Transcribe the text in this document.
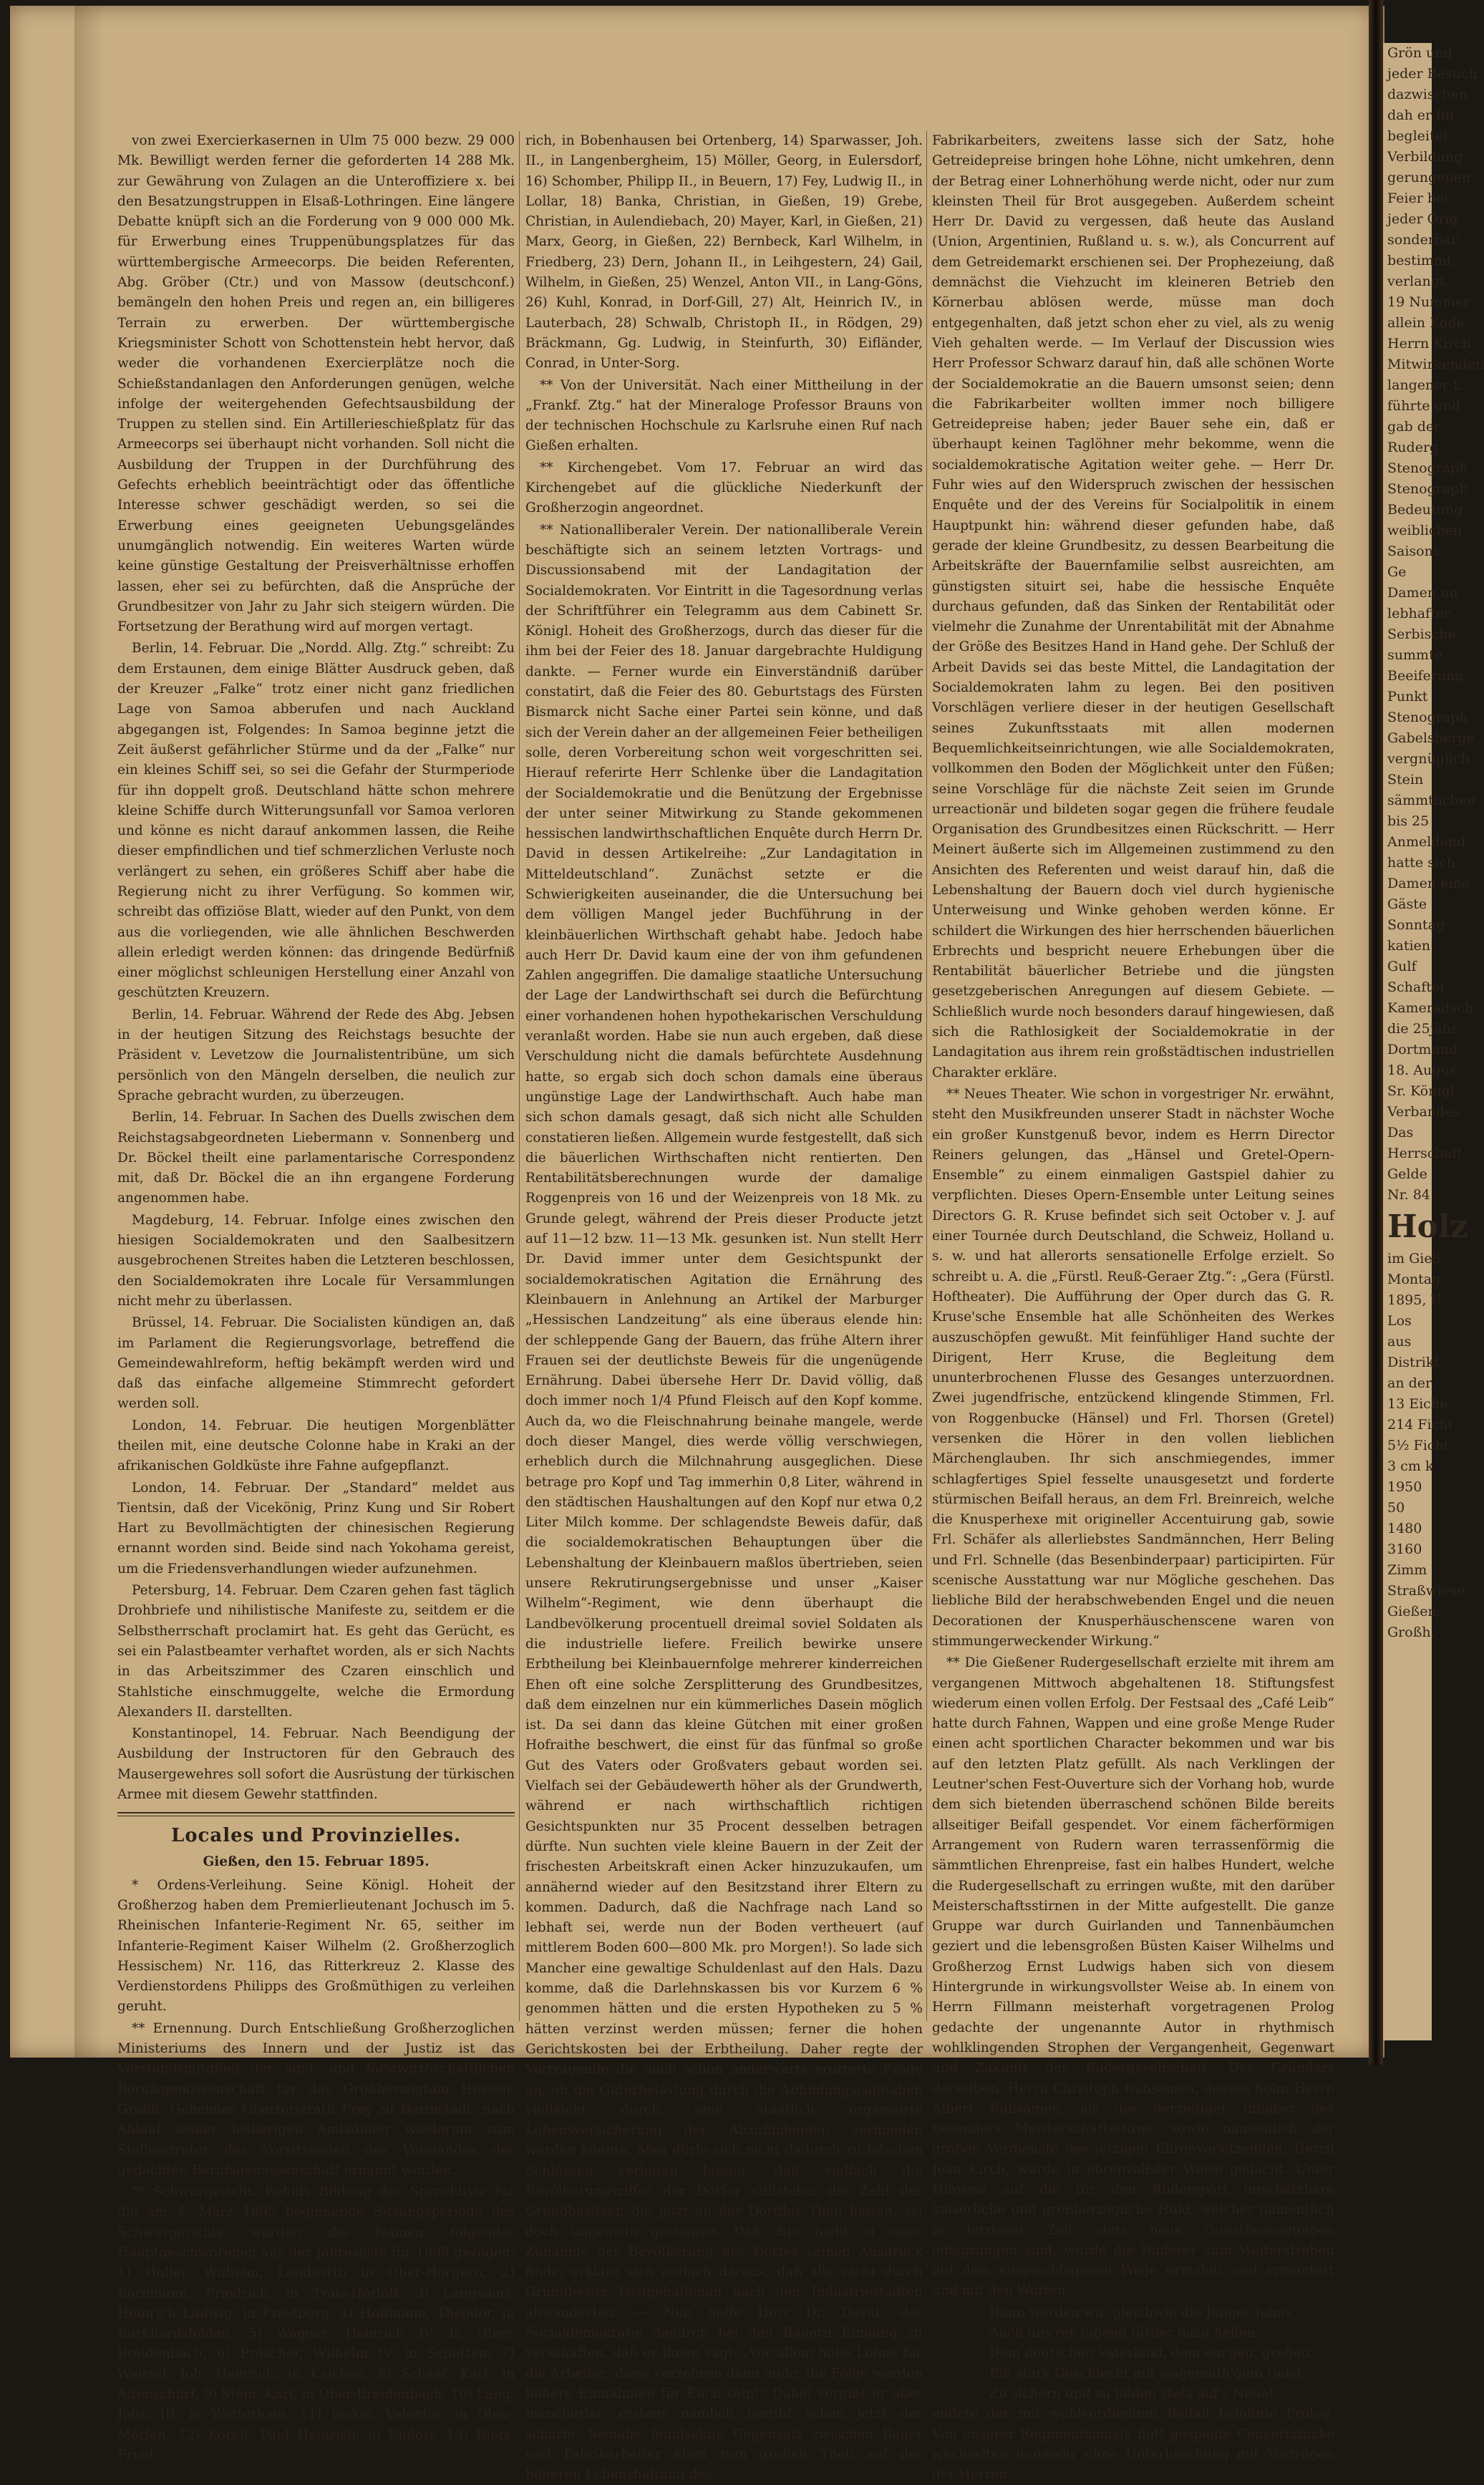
von zwei Exercierkasernen in Ulm 75 000 bezw. 29 000 Mk. Bewilligt werden ferner die geforderten 14 288 Mk. zur Gewährung von Zulagen an die Unteroffiziere x. bei den Besatzungstruppen in Elsaß-Lothringen. Eine längere Debatte knüpft sich an die Forderung von 9 000 000 Mk. für Erwerbung eines Truppenübungsplatzes für das württembergische Armeecorps. Die beiden Referenten, Abg. Gröber (Ctr.) und von Massow (deutschconf.) bemängeln den hohen Preis und regen an, ein billigeres Terrain zu erwerben. Der württembergische Kriegsminister Schott von Schottenstein hebt hervor, daß weder die vorhandenen Exercierplätze noch die Schießstandanlagen den Anforderungen genügen, welche infolge der weitergehenden Gefechtsausbildung der Truppen zu stellen sind. Ein Artillerieschießplatz für das Armeecorps sei überhaupt nicht vorhanden. Soll nicht die Ausbildung der Truppen in der Durchführung des Gefechts erheblich beeinträchtigt oder das öffentliche Interesse schwer geschädigt werden, so sei die Erwerbung eines geeigneten Uebungsgeländes unumgänglich notwendig. Ein weiteres Warten würde keine günstige Gestaltung der Preisverhältnisse erhoffen lassen, eher sei zu befürchten, daß die Ansprüche der Grundbesitzer von Jahr zu Jahr sich steigern würden. Die Fortsetzung der Berathung wird auf morgen vertagt.

Berlin, 14. Februar. Die „Nordd. Allg. Ztg.“ schreibt: Zu dem Erstaunen, dem einige Blätter Ausdruck geben, daß der Kreuzer „Falke“ trotz einer nicht ganz friedlichen Lage von Samoa abberufen und nach Auckland abgegangen ist, Folgendes: In Samoa beginne jetzt die Zeit äußerst gefährlicher Stürme und da der „Falke“ nur ein kleines Schiff sei, so sei die Gefahr der Sturmperiode für ihn doppelt groß. Deutschland hätte schon mehrere kleine Schiffe durch Witterungsunfall vor Samoa verloren und könne es nicht darauf ankommen lassen, die Reihe dieser empfindlichen und tief schmerzlichen Verluste noch verlängert zu sehen, ein größeres Schiff aber habe die Regierung nicht zu ihrer Verfügung. So kommen wir, schreibt das offiziöse Blatt, wieder auf den Punkt, von dem aus die vorliegenden, wie alle ähnlichen Beschwerden allein erledigt werden können: das dringende Bedürfniß einer möglichst schleunigen Herstellung einer Anzahl von geschützten Kreuzern.

Berlin, 14. Februar. Während der Rede des Abg. Jebsen in der heutigen Sitzung des Reichstags besuchte der Präsident v. Levetzow die Journalistentribüne, um sich persönlich von den Mängeln derselben, die neulich zur Sprache gebracht wurden, zu überzeugen.

Berlin, 14. Februar. In Sachen des Duells zwischen dem Reichstagsabgeordneten Liebermann v. Sonnenberg und Dr. Böckel theilt eine parlamentarische Correspondenz mit, daß Dr. Böckel die an ihn ergangene Forderung angenommen habe.

Magdeburg, 14. Februar. Infolge eines zwischen den hiesigen Socialdemokraten und den Saalbesitzern ausgebrochenen Streites haben die Letzteren beschlossen, den Socialdemokraten ihre Locale für Versammlungen nicht mehr zu überlassen.

Brüssel, 14. Februar. Die Socialisten kündigen an, daß im Parlament die Regierungsvorlage, betreffend die Gemeindewahlreform, heftig bekämpft werden wird und daß das einfache allgemeine Stimmrecht gefordert werden soll.

London, 14. Februar. Die heutigen Morgenblätter theilen mit, eine deutsche Colonne habe in Kraki an der afrikanischen Goldküste ihre Fahne aufgepflanzt.

London, 14. Februar. Der „Standard“ meldet aus Tientsin, daß der Vicekönig, Prinz Kung und Sir Robert Hart zu Bevollmächtigten der chinesischen Regierung ernannt worden sind. Beide sind nach Yokohama gereist, um die Friedensverhandlungen wieder aufzunehmen.

Petersburg, 14. Februar. Dem Czaren gehen fast täglich Drohbriefe und nihilistische Manifeste zu, seitdem er die Selbstherrschaft proclamirt hat. Es geht das Gerücht, es sei ein Palastbeamter verhaftet worden, als er sich Nachts in das Arbeitszimmer des Czaren einschlich und Stahlstiche einschmuggelte, welche die Ermordung Alexanders II. darstellten.

Konstantinopel, 14. Februar. Nach Beendigung der Ausbildung der Instructoren für den Gebrauch des Mausergewehres soll sofort die Ausrüstung der türkischen Armee mit diesem Gewehr stattfinden.

Locales und Provinzielles.
Gießen, den 15. Februar 1895.

* Ordens-Verleihung. Seine Königl. Hoheit der Großherzog haben dem Premierlieutenant Jochusch im 5. Rheinischen Infanterie-Regiment Nr. 65, seither im Infanterie-Regiment Kaiser Wilhelm (2. Großherzoglich Hessischem) Nr. 116, das Ritterkreuz 2. Klasse des Verdienstordens Philipps des Großmüthigen zu verleihen geruht.

** Ernennung. Durch Entschließung Großherzoglichen Ministeriums des Innern und der Justiz ist das Vorstandsmitglied der land- und forstwirthschaftlichen Berufsgenossenschaft für das Großherzogtum Hessen, Großh. Geheimer Oberforstrath Frey zu Darmstadt, nach Ablauf seiner bisherigen Amtsdauer wiederum zum Stellvertreter des Vorsitzenden des Vorstandes der gedachten Berufsgenossenschaft ernannt worden.

** Schwurgericht. Behufs Bildung der Spruchliste für die am 4. März 1895 beginnende Sitzungsperiode des Schwurgerichts wurden die Namen folgender Hauptgeschworenen aus der Jahresliste für 1895 gezogen: 1) Holler, Wilhelm, Landwirth in Ober-Hörgern, 2) Bornmann, Friedrich, in Trais-Horloff, 3) Langsdorf, Heinrich Ludwig, in Friedberg, 4) Hoffmann, Theodor, in Burkhardsfelden, 5) Wagner, Heinrich IV. in Ober-Breidenbach, 6) Pröscher, Wilhelm IV. in Schotten, 7) Weitzel, Joh. Heinrich, in Kaichen, 8) Schaaf, Karl, in Altenschlirf, 9) Stein, Karl, in Ober-Breidenbach, 10) Lang, Johs. III. in Wetterhain, 11) Jeckel, Valentin, in Ober-Mörlen, 12) Korell, Paul Heinrich, in Eudorf, 13) Rietz, Fried-

rich, in Bobenhausen bei Ortenberg, 14) Sparwasser, Joh. II., in Langenbergheim, 15) Möller, Georg, in Eulersdorf, 16) Schomber, Philipp II., in Beuern, 17) Fey, Ludwig II., in Lollar, 18) Banka, Christian, in Gießen, 19) Grebe, Christian, in Aulendiebach, 20) Mayer, Karl, in Gießen, 21) Marx, Georg, in Gießen, 22) Bernbeck, Karl Wilhelm, in Friedberg, 23) Dern, Johann II., in Leihgestern, 24) Gail, Wilhelm, in Gießen, 25) Wenzel, Anton VII., in Lang-Göns, 26) Kuhl, Konrad, in Dorf-Gill, 27) Alt, Heinrich IV., in Lauterbach, 28) Schwalb, Christoph II., in Rödgen, 29) Bräckmann, Gg. Ludwig, in Steinfurth, 30) Eifländer, Conrad, in Unter-Sorg.

** Von der Universität. Nach einer Mittheilung in der „Frankf. Ztg.“ hat der Mineraloge Professor Brauns von der technischen Hochschule zu Karlsruhe einen Ruf nach Gießen erhalten.

** Kirchengebet. Vom 17. Februar an wird das Kirchengebet auf die glückliche Niederkunft der Großherzogin angeordnet.

** Nationalliberaler Verein. Der nationalliberale Verein beschäftigte sich an seinem letzten Vortrags- und Discussionsabend mit der Landagitation der Socialdemokraten. Vor Eintritt in die Tagesordnung verlas der Schriftführer ein Telegramm aus dem Cabinett Sr. Königl. Hoheit des Großherzogs, durch das dieser für die ihm bei der Feier des 18. Januar dargebrachte Huldigung dankte. — Ferner wurde ein Einverständniß darüber constatirt, daß die Feier des 80. Geburtstags des Fürsten Bismarck nicht Sache einer Partei sein könne, und daß sich der Verein daher an der allgemeinen Feier betheiligen solle, deren Vorbereitung schon weit vorgeschritten sei. Hierauf referirte Herr Schlenke über die Landagitation der Socialdemokratie und die Benützung der Ergebnisse der unter seiner Mitwirkung zu Stande gekommenen hessischen landwirthschaftlichen Enquête durch Herrn Dr. David in dessen Artikelreihe: „Zur Landagitation in Mitteldeutschland“. Zunächst setzte er die Schwierigkeiten auseinander, die die Untersuchung bei dem völligen Mangel jeder Buchführung in der kleinbäuerlichen Wirthschaft gehabt habe. Jedoch habe auch Herr Dr. David kaum eine der von ihm gefundenen Zahlen angegriffen. Die damalige staatliche Untersuchung der Lage der Landwirthschaft sei durch die Befürchtung einer vorhandenen hohen hypothekarischen Verschuldung veranlaßt worden. Habe sie nun auch ergeben, daß diese Verschuldung nicht die damals befürchtete Ausdehnung hatte, so ergab sich doch schon damals eine überaus ungünstige Lage der Landwirthschaft. Auch habe man sich schon damals gesagt, daß sich nicht alle Schulden constatieren ließen. Allgemein wurde festgestellt, daß sich die bäuerlichen Wirthschaften nicht rentierten. Den Rentabilitätsberechnungen wurde der damalige Roggenpreis von 16 und der Weizenpreis von 18 Mk. zu Grunde gelegt, während der Preis dieser Producte jetzt auf 11—12 bzw. 11—13 Mk. gesunken ist. Nun stellt Herr Dr. David immer unter dem Gesichtspunkt der socialdemokratischen Agitation die Ernährung des Kleinbauern in Anlehnung an Artikel der Marburger „Hessischen Landzeitung“ als eine überaus elende hin: der schleppende Gang der Bauern, das frühe Altern ihrer Frauen sei der deutlichste Beweis für die ungenügende Ernährung. Dabei übersehe Herr Dr. David völlig, daß doch immer noch 1/4 Pfund Fleisch auf den Kopf komme. Auch da, wo die Fleischnahrung beinahe mangele, werde doch dieser Mangel, dies werde völlig verschwiegen, erheblich durch die Milchnahrung ausgeglichen. Diese betrage pro Kopf und Tag immerhin 0,8 Liter, während in den städtischen Haushaltungen auf den Kopf nur etwa 0,2 Liter Milch komme. Der schlagendste Beweis dafür, daß die socialdemokratischen Behauptungen über die Lebenshaltung der Kleinbauern maßlos übertrieben, seien unsere Rekrutirungsergebnisse und unser „Kaiser Wilhelm“-Regiment, wie denn überhaupt die Landbevölkerung procentuell dreimal soviel Soldaten als die industrielle liefere. Freilich bewirke unsere Erbtheilung bei Kleinbauernfolge mehrerer kinderreichen Ehen oft eine solche Zersplitterung des Grundbesitzes, daß dem einzelnen nur ein kümmerliches Dasein möglich ist. Da sei dann das kleine Gütchen mit einer großen Hofraithe beschwert, die einst für das fünfmal so große Gut des Vaters oder Großvaters gebaut worden sei. Vielfach sei der Gebäudewerth höher als der Grundwerth, während er nach wirthschaftlich richtigen Gesichtspunkten nur 35 Procent desselben betragen dürfte. Nun suchten viele kleine Bauern in der Zeit der frischesten Arbeitskraft einen Acker hinzuzukaufen, um annähernd wieder auf den Besitzstand ihrer Eltern zu kommen. Dadurch, daß die Nachfrage nach Land so lebhaft sei, werde nun der Boden vertheuert (auf mittlerem Boden 600—800 Mk. pro Morgen!). So lade sich Mancher eine gewaltige Schuldenlast auf den Hals. Dazu komme, daß die Darlehnskassen bis vor Kurzem 6 % genommen hätten und die ersten Hypotheken zu 5 % hätten verzinst werden müssen; ferner die hohen Gerichtskosten bei der Erbtheilung. Daher regte der Vortragende die auch schon anderwärts erörterte Frage an, ob die Güterbelastung durch die Abfindungscapitalien vielleicht durch eine staatlich organisirte Lebensversicherung der Abzufindenden vermieden werden könnte. Man dürfe sich nicht dadurch zu falschen Schlüssen verleiten lassen, daß vielfach die Bevölkerungsziffer der Dörfer stillstehe: die Zahl der Grundbesitzer, die jetzt an der Dorfflur Theil hätten, sei doch ungemein gestiegen. Daß dies nicht in einer Zunahme der Bevölkerung des Dorfes seinen Ausdruck finde, erkläre sich einfach daraus, daß alle nicht durch Grundbesitz Festgehaltenen nach den Industriestädten abwanderten. — Nun hoffe Herr Dr. David, der Socialdemokratie dadurch bei den Bauern Eingang zu verschaffen, daß er ihnen sagt: „Vor allem hohe Löhne für die Arbeiter; diese verzehren dann mehr, die Folge werden höhere Einnahmen für Euch sein!“ Dabei vergißt er aber mancherlei, erstens nämlich beruht schon jetzt der scharfe, beinahe feindselige Gegensatz zwischen Bauer und Fabrikarbeiter eben zum großen Theil auf der höheren Lebenshaltung des

Fabrikarbeiters, zweitens lasse sich der Satz, hohe Getreidepreise bringen hohe Löhne, nicht umkehren, denn der Betrag einer Lohnerhöhung werde nicht, oder nur zum kleinsten Theil für Brot ausgegeben. Außerdem scheint Herr Dr. David zu vergessen, daß heute das Ausland (Union, Argentinien, Rußland u. s. w.), als Concurrent auf dem Getreidemarkt erschienen sei. Der Prophezeiung, daß demnächst die Viehzucht im kleineren Betrieb den Körnerbau ablösen werde, müsse man doch entgegenhalten, daß jetzt schon eher zu viel, als zu wenig Vieh gehalten werde. — Im Verlauf der Discussion wies Herr Professor Schwarz darauf hin, daß alle schönen Worte der Socialdemokratie an die Bauern umsonst seien; denn die Fabrikarbeiter wollten immer noch billigere Getreidepreise haben; jeder Bauer sehe ein, daß er überhaupt keinen Taglöhner mehr bekomme, wenn die socialdemokratische Agitation weiter gehe. — Herr Dr. Fuhr wies auf den Widerspruch zwischen der hessischen Enquête und der des Vereins für Socialpolitik in einem Hauptpunkt hin: während dieser gefunden habe, daß gerade der kleine Grundbesitz, zu dessen Bearbeitung die Arbeitskräfte der Bauernfamilie selbst ausreichten, am günstigsten situirt sei, habe die hessische Enquête durchaus gefunden, daß das Sinken der Rentabilität oder vielmehr die Zunahme der Unrentabilität mit der Abnahme der Größe des Besitzes Hand in Hand gehe. Der Schluß der Arbeit Davids sei das beste Mittel, die Landagitation der Socialdemokraten lahm zu legen. Bei den positiven Vorschlägen verliere dieser in der heutigen Gesellschaft seines Zukunftsstaats mit allen modernen Bequemlichkeitseinrichtungen, wie alle Socialdemokraten, vollkommen den Boden der Möglichkeit unter den Füßen; seine Vorschläge für die nächste Zeit seien im Grunde urreactionär und bildeten sogar gegen die frühere feudale Organisation des Grundbesitzes einen Rückschritt. — Herr Meinert äußerte sich im Allgemeinen zustimmend zu den Ansichten des Referenten und weist darauf hin, daß die Lebenshaltung der Bauern doch viel durch hygienische Unterweisung und Winke gehoben werden könne. Er schildert die Wirkungen des hier herrschenden bäuerlichen Erbrechts und bespricht neuere Erhebungen über die Rentabilität bäuerlicher Betriebe und die jüngsten gesetzgeberischen Anregungen auf diesem Gebiete. — Schließlich wurde noch besonders darauf hingewiesen, daß sich die Rathlosigkeit der Socialdemokratie in der Landagitation aus ihrem rein großstädtischen industriellen Charakter erkläre.

** Neues Theater. Wie schon in vorgestriger Nr. erwähnt, steht den Musikfreunden unserer Stadt in nächster Woche ein großer Kunstgenuß bevor, indem es Herrn Director Reiners gelungen, das „Hänsel und Gretel-Opern-Ensemble“ zu einem einmaligen Gastspiel dahier zu verpflichten. Dieses Opern-Ensemble unter Leitung seines Directors G. R. Kruse befindet sich seit October v. J. auf einer Tournée durch Deutschland, die Schweiz, Holland u. s. w. und hat allerorts sensationelle Erfolge erzielt. So schreibt u. A. die „Fürstl. Reuß-Geraer Ztg.“: „Gera (Fürstl. Hoftheater). Die Aufführung der Oper durch das G. R. Kruse'sche Ensemble hat alle Schönheiten des Werkes auszuschöpfen gewußt. Mit feinfühliger Hand suchte der Dirigent, Herr Kruse, die Begleitung dem ununterbrochenen Flusse des Gesanges unterzuordnen. Zwei jugendfrische, entzückend klingende Stimmen, Frl. von Roggenbucke (Hänsel) und Frl. Thorsen (Gretel) versenken die Hörer in den vollen lieblichen Märchenglauben. Ihr sich anschmiegendes, immer schlagfertiges Spiel fesselte unausgesetzt und forderte stürmischen Beifall heraus, an dem Frl. Breinreich, welche die Knusperhexe mit origineller Accentuirung gab, sowie Frl. Schäfer als allerliebstes Sandmännchen, Herr Beling und Frl. Schnelle (das Besenbinderpaar) participirten. Für scenische Ausstattung war nur Mögliche geschehen. Das liebliche Bild der herabschwebenden Engel und die neuen Decorationen der Knusperhäuschenscene waren von stimmungerweckender Wirkung.“

** Die Gießener Rudergesellschaft erzielte mit ihrem am vergangenen Mittwoch abgehaltenen 18. Stiftungsfest wiederum einen vollen Erfolg. Der Festsaal des „Café Leib“ hatte durch Fahnen, Wappen und eine große Menge Ruder einen acht sportlichen Character bekommen und war bis auf den letzten Platz gefüllt. Als nach Verklingen der Leutner'schen Fest-Ouverture sich der Vorhang hob, wurde dem sich bietenden überraschend schönen Bilde bereits allseitiger Beifall gespendet. Vor einem fächerförmigen Arrangement von Rudern waren terrassenförmig die sämmtlichen Ehrenpreise, fast ein halbes Hundert, welche die Rudergesellschaft zu erringen wußte, mit den darüber Meisterschaftsstirnen in der Mitte aufgestellt. Die ganze Gruppe war durch Guirlanden und Tannenbäumchen geziert und die lebensgroßen Büsten Kaiser Wilhelms und Großherzog Ernst Ludwigs haben sich von diesem Hintergrunde in wirkungsvollster Weise ab. In einem von Herrn Fillmann meisterhaft vorgetragenen Prolog gedachte der ungenannte Autor in rhythmisch wohlklingenden Strophen der Vergangenheit, Gegenwart und Zukunft der Rudergesellschaft. Des Gründers derselben, Herrn Christoph Rühsamen, dessen Sohn Herrn Albert Rühsamen, als des derzeitiger Inhaber des besonders Meisterschaftsstirns, sowie namentlich der großen Verdienste des jetzigen Ehrenvorsitzenden, Herrn Jean Kirch, wurde in ehrenvollster Weise gedacht. Unter Hinweis auf die für den Rudersport unschätzbare kaiserliche und großherzogliche Huld, welcher namentlich in letzterer Zeit stets neue Gunstbezeugungen entsprungen sind, wurde die Ruderer zum Weiterstreben auf dem eingeschlagenen Wege ermahnt und ermuntert und mit den Worten:

Dann werden wir, gleichwie die Jünger Jahns

Auch uns'rer Jugend fürder dazu helfen

Dem deutschen Vaterland, dem ein'gen, großen,

Ein stark Geschlecht mit wagemuth'gem Geist

Zu sichern und zu bilden stets auf's Neue!

endete der mit wohlverdientem Beifall belohnte Prolog. Von unserer Regimentsmusik flott gespielte Concertstücke wechselten nunmehr ohne Unterbrechung mit Vorträgen der Herren

Grön und
jeder Besuch
dazwischen
dah er fin
begleitet
Verbildung
gerungenen
Feier bei
jeder Orig
sonderbar
bestimmt
verlangt
19 Nummer
allein Kode
Herrn Kirch
Mitwirkenden
langener L
führte und
gab der
Ruderg
Stenograph
Stenograph
Bedeutung
weiblichen
Saisons
Ge
Damen un
lebhafter
Serbische
summte
Beeiferung
Punkt
Stenograph
Gabelsberge
vergnüglich
Stein
sämmtlichen
bis 25
Anmeldend
hatte sich
Damen eine
Gäste
Sonntag
katien
Gulf
Schafter
Kameradsch
die 25jähr
Dortmund
18. Augus
Sr. Königl
Verbandes
Das
Herrschaft
Gelde
Nr. 84
Holz
im Gieß
Montag
1895, U
Los
aus
Distrikt
an der
13 Eiche
214 Ficht
5½ Ficht
3 cm k
1950
50
1480
3160
Zimm
Straßwiese
Gießen,
Großh.
